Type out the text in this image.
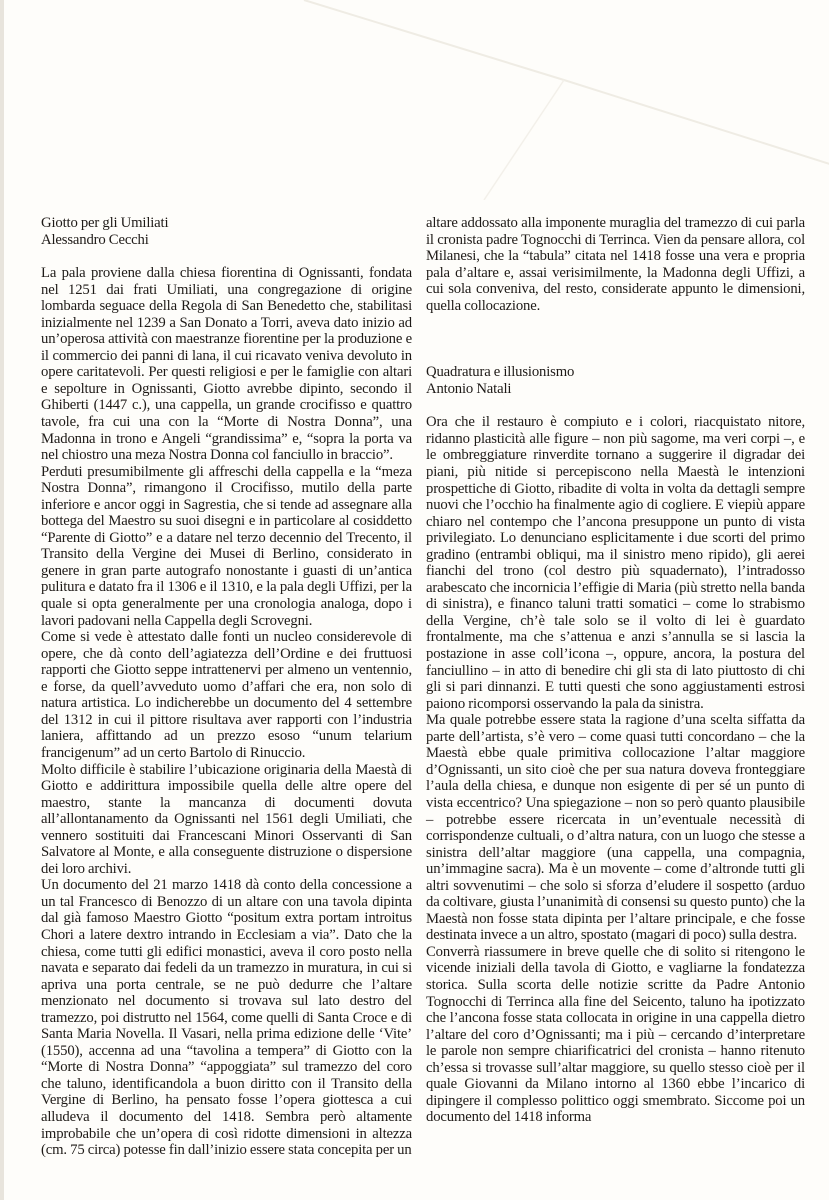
Giotto per gli Umiliati

Alessandro Cecchi

La pala proviene dalla chiesa fiorentina di Ognissanti, fondata nel 1251 dai frati Umiliati, una congregazione di origine lombarda seguace della Regola di San Benedetto che, stabilitasi inizialmente nel 1239 a San Donato a Torri, aveva dato inizio ad un’operosa attività con maestranze fiorentine per la produzione e il commercio dei panni di lana, il cui ricavato veniva devoluto in opere caritatevoli. Per questi religiosi e per le famiglie con altari e sepolture in Ognissanti, Giotto avrebbe dipinto, secondo il Ghiberti (1447 c.), una cappella, un grande crocifisso e quattro tavole, fra cui una con la “Morte di Nostra Donna”, una Madonna in trono e Angeli “grandissima” e, “sopra la porta va nel chiostro una meza Nostra Donna col fanciullo in braccio”.

Perduti presumibilmente gli affreschi della cappella e la “meza Nostra Donna”, rimangono il Crocifisso, mutilo della parte inferiore e ancor oggi in Sagrestia, che si tende ad assegnare alla bottega del Maestro su suoi disegni e in particolare al cosiddetto “Parente di Giotto” e a datare nel terzo decennio del Trecento, il Transito della Vergine dei Musei di Berlino, considerato in genere in gran parte autografo nonostante i guasti di un’antica pulitura e datato fra il 1306 e il 1310, e la pala degli Uffizi, per la quale si opta generalmente per una cronologia analoga, dopo i lavori padovani nella Cappella degli Scrovegni.

Come si vede è attestato dalle fonti un nucleo considerevole di opere, che dà conto dell’agiatezza dell’Ordine e dei fruttuosi rapporti che Giotto seppe intrattenervi per almeno un ventennio, e forse, da quell’avveduto uomo d’affari che era, non solo di natura artistica. Lo indicherebbe un documento del 4 settembre del 1312 in cui il pittore risultava aver rapporti con l’industria laniera, affittando ad un prezzo esoso “unum telarium francigenum” ad un certo Bartolo di Rinuccio.

Molto difficile è stabilire l’ubicazione originaria della Maestà di Giotto e addirittura impossibile quella delle altre opere del maestro, stante la mancanza di documenti dovuta all’allontanamento da Ognissanti nel 1561 degli Umiliati, che vennero sostituiti dai Francescani Minori Osservanti di San Salvatore al Monte, e alla conseguente distruzione o dispersione dei loro archivi.

Un documento del 21 marzo 1418 dà conto della concessione a un tal Francesco di Benozzo di un altare con una tavola dipinta dal già famoso Maestro Giotto “positum extra portam introitus Chori a latere dextro intrando in Ecclesiam a via”. Dato che la chiesa, come tutti gli edifici monastici, aveva il coro posto nella navata e separato dai fedeli da un tramezzo in muratura, in cui si apriva una porta centrale, se ne può dedurre che l’altare menzionato nel documento si trovava sul lato destro del tramezzo, poi distrutto nel 1564, come quelli di Santa Croce e di Santa Maria Novella. Il Vasari, nella prima edizione delle ‘Vite’ (1550), accenna ad una “tavolina a tempera” di Giotto con la “Morte di Nostra Donna” “appoggiata” sul tramezzo del coro che taluno, identificandola a buon diritto con il Transito della Vergine di Berlino, ha pensato fosse l’opera giottesca a cui alludeva il documento del 1418. Sembra però altamente improbabile che un’opera di così ridotte dimensioni in altezza (cm. 75 circa) potesse fin dall’inizio essere stata concepita per un

altare addossato alla imponente muraglia del tramezzo di cui parla il cronista padre Tognocchi di Terrinca. Vien da pensare allora, col Milanesi, che la “tabula” citata nel 1418 fosse una vera e propria pala d’altare e, assai verisimilmente, la Madonna degli Uffizi, a cui sola conveniva, del resto, considerate appunto le dimensioni, quella collocazione.

Quadratura e illusionismo

Antonio Natali

Ora che il restauro è compiuto e i colori, riacquistato nitore, ridanno plasticità alle figure – non più sagome, ma veri corpi –, e le ombreggiature rinverdite tornano a suggerire il digradar dei piani, più nitide si percepiscono nella Maestà le intenzioni prospettiche di Giotto, ribadite di volta in volta da dettagli sempre nuovi che l’occhio ha finalmente agio di cogliere. E viepiù appare chiaro nel contempo che l’ancona presuppone un punto di vista privilegiato. Lo denunciano esplicitamente i due scorti del primo gradino (entrambi obliqui, ma il sinistro meno ripido), gli aerei fianchi del trono (col destro più squadernato), l’intradosso arabescato che incornicia l’effigie di Maria (più stretto nella banda di sinistra), e financo taluni tratti somatici – come lo strabismo della Vergine, ch’è tale solo se il volto di lei è guardato frontalmente, ma che s’attenua e anzi s’annulla se si lascia la postazione in asse coll’icona –, oppure, ancora, la postura del fanciullino – in atto di benedire chi gli sta di lato piuttosto di chi gli si pari dinnanzi. E tutti questi che sono aggiustamenti estrosi paiono ricomporsi osservando la pala da sinistra.

Ma quale potrebbe essere stata la ragione d’una scelta siffatta da parte dell’artista, s’è vero – come quasi tutti concordano – che la Maestà ebbe quale primitiva collocazione l’altar maggiore d’Ognissanti, un sito cioè che per sua natura doveva fronteggiare l’aula della chiesa, e dunque non esigente di per sé un punto di vista eccentrico? Una spiegazione – non so però quanto plausibile – potrebbe essere ricercata in un’eventuale necessità di corrispondenze cultuali, o d’altra natura, con un luogo che stesse a sinistra dell’altar maggiore (una cappella, una compagnia, un’immagine sacra). Ma è un movente – come d’altronde tutti gli altri sovvenutimi – che solo si sforza d’eludere il sospetto (arduo da coltivare, giusta l’unanimità di consensi su questo punto) che la Maestà non fosse stata dipinta per l’altare principale, e che fosse destinata invece a un altro, spostato (magari di poco) sulla destra.

Converrà riassumere in breve quelle che di solito si ritengono le vicende iniziali della tavola di Giotto, e vagliarne la fondatezza storica. Sulla scorta delle notizie scritte da Padre Antonio Tognocchi di Terrinca alla fine del Seicento, taluno ha ipotizzato che l’ancona fosse stata collocata in origine in una cappella dietro l’altare del coro d’Ognissanti; ma i più – cercando d’interpretare le parole non sempre chiarificatrici del cronista – hanno ritenuto ch’essa si trovasse sull’altar maggiore, su quello stesso cioè per il quale Giovanni da Milano intorno al 1360 ebbe l’incarico di dipingere il complesso polittico oggi smembrato. Siccome poi un documento del 1418 informa
